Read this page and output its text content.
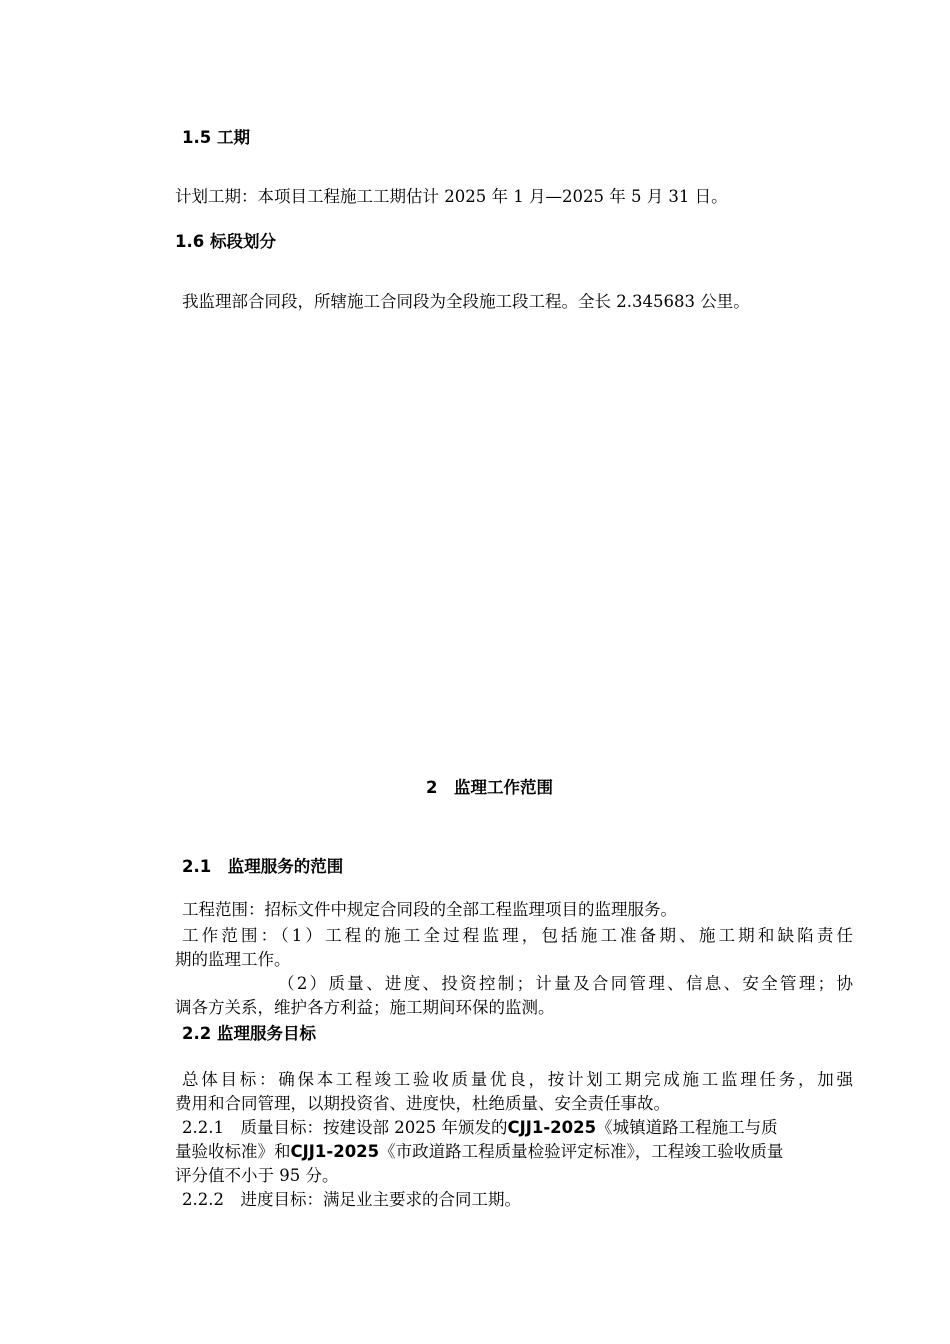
1.5 工期
计划工期：本项目工程施工工期估计 2025 年 1 月—2025 年 5 月 31 日。
1.6 标段划分
我监理部合同段，所辖施工合同段为全段施工段工程。全长 2.345683 公里。
2　监理工作范围
2.1　监理服务的范围
工程范围：招标文件中规定合同段的全部工程监理项目的监理服务。
工作范围：（1）工程的施工全过程监理，包括施工准备期、施工期和缺陷责任
期的监理工作。
（2）质量、进度、投资控制；计量及合同管理、信息、安全管理；协
调各方关系，维护各方利益；施工期间环保的监测。
2.2 监理服务目标
总体目标：确保本工程竣工验收质量优良，按计划工期完成施工监理任务，加强
费用和合同管理，以期投资省、进度快，杜绝质量、安全责任事故。
2.2.1　质量目标：按建设部 2025 年颁发的CJJ1-2025《城镇道路工程施工与质
量验收标准》和CJJ1-2025《市政道路工程质量检验评定标准》，工程竣工验收质量
评分值不小于 95 分。
2.2.2　进度目标：满足业主要求的合同工期。
